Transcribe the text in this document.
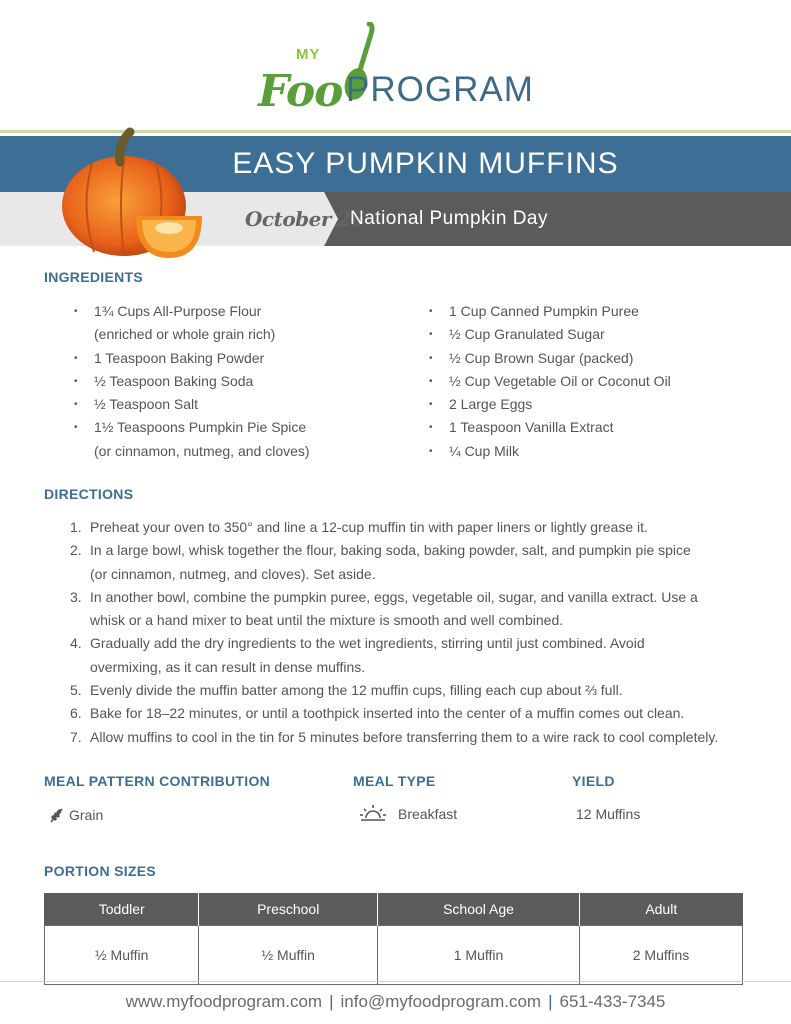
MY
Foo PROGRAM
EASY PUMPKIN MUFFINS
October 26
National Pumpkin Day
INGREDIENTS
• 1¾ Cups All-Purpose Flour
(enriched or whole grain rich)
• 1 Teaspoon Baking Powder
• ½ Teaspoon Baking Soda
• ½ Teaspoon Salt
• 1½ Teaspoons Pumpkin Pie Spice
(or cinnamon, nutmeg, and cloves)
• 1 Cup Canned Pumpkin Puree
• ½ Cup Granulated Sugar
• ½ Cup Brown Sugar (packed)
• ½ Cup Vegetable Oil or Coconut Oil
• 2 Large Eggs
• 1 Teaspoon Vanilla Extract
• ¼ Cup Milk
DIRECTIONS
1. Preheat your oven to 350° and line a 12-cup muffin tin with paper liners or lightly grease it.
2. In a large bowl, whisk together the flour, baking soda, baking powder, salt, and pumpkin pie spice
(or cinnamon, nutmeg, and cloves). Set aside.
3. In another bowl, combine the pumpkin puree, eggs, vegetable oil, sugar, and vanilla extract. Use a
whisk or a hand mixer to beat until the mixture is smooth and well combined.
4. Gradually add the dry ingredients to the wet ingredients, stirring until just combined. Avoid
overmixing, as it can result in dense muffins.
5. Evenly divide the muffin batter among the 12 muffin cups, filling each cup about ⅔ full.
6. Bake for 18–22 minutes, or until a toothpick inserted into the center of a muffin comes out clean.
7. Allow muffins to cool in the tin for 5 minutes before transferring them to a wire rack to cool completely.
MEAL PATTERN CONTRIBUTION
Grain
MEAL TYPE
Breakfast
YIELD
12 Muffins
PORTION SIZES
Toddler	Preschool	School Age	Adult
½ Muffin	½ Muffin	1 Muffin	2 Muffins
www.myfoodprogram.com | info@myfoodprogram.com | 651-433-7345
